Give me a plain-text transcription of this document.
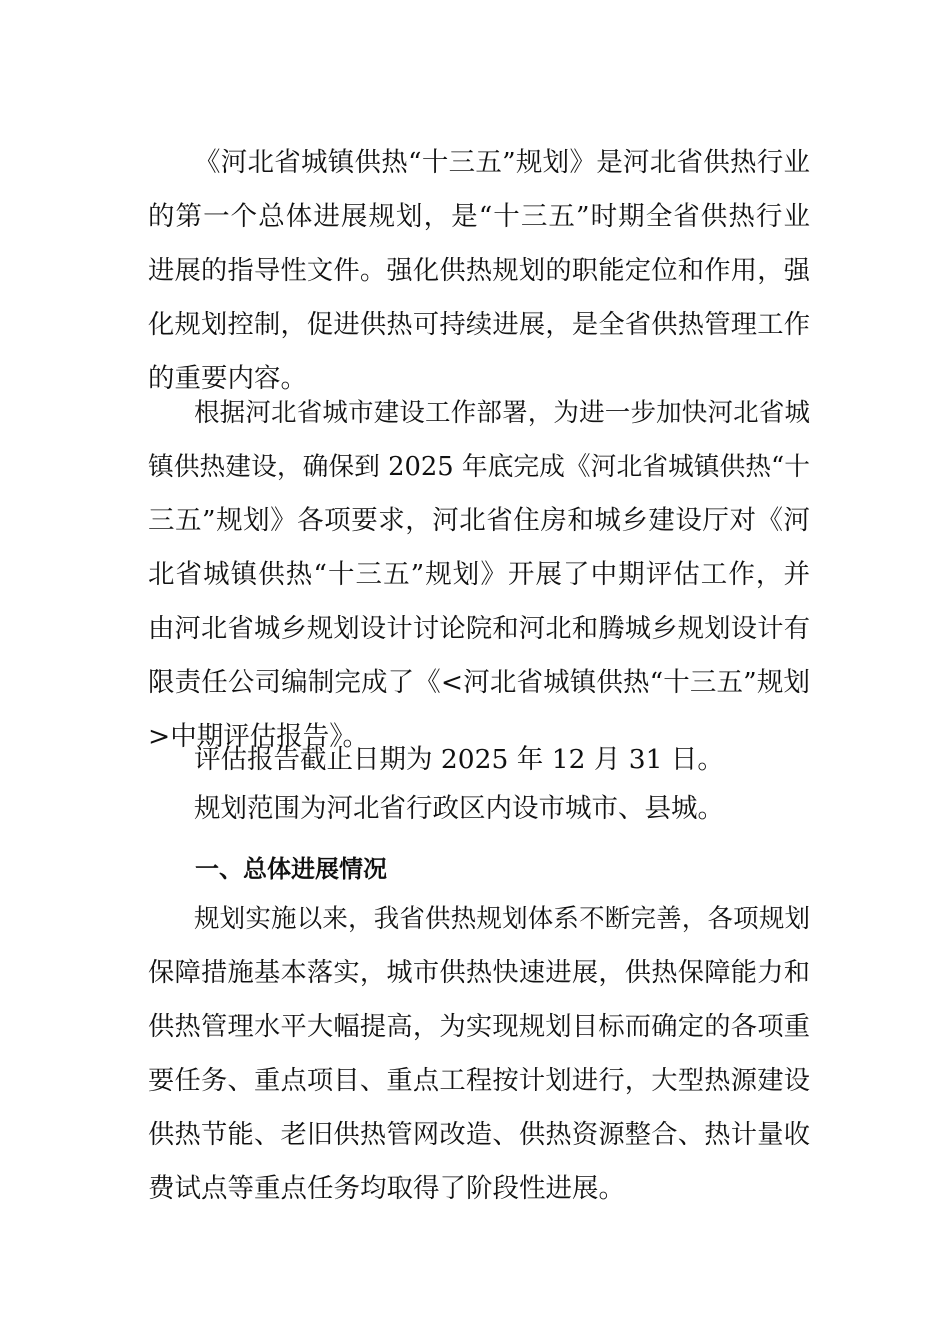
《河北省城镇供热“十三五”规划》是河北省供热行业
的第一个总体进展规划，是“十三五”时期全省供热行业
进展的指导性文件。强化供热规划的职能定位和作用，强
化规划控制，促进供热可持续进展，是全省供热管理工作
的重要内容。
根据河北省城市建设工作部署，为进一步加快河北省城
镇供热建设，确保到 2025 年底完成《河北省城镇供热“十
三五”规划》各项要求，河北省住房和城乡建设厅对《河
北省城镇供热“十三五”规划》开展了中期评估工作，并
由河北省城乡规划设计讨论院和河北和腾城乡规划设计有
限责任公司编制完成了《<河北省城镇供热“十三五”规划
>中期评估报告》。
评估报告截止日期为 2025 年 12 月 31 日。
规划范围为河北省行政区内设市城市、县城。
一、总体进展情况
规划实施以来，我省供热规划体系不断完善，各项规划
保障措施基本落实，城市供热快速进展，供热保障能力和
供热管理水平大幅提高，为实现规划目标而确定的各项重
要任务、重点项目、重点工程按计划进行，大型热源建设
供热节能、老旧供热管网改造、供热资源整合、热计量收
费试点等重点任务均取得了阶段性进展。
